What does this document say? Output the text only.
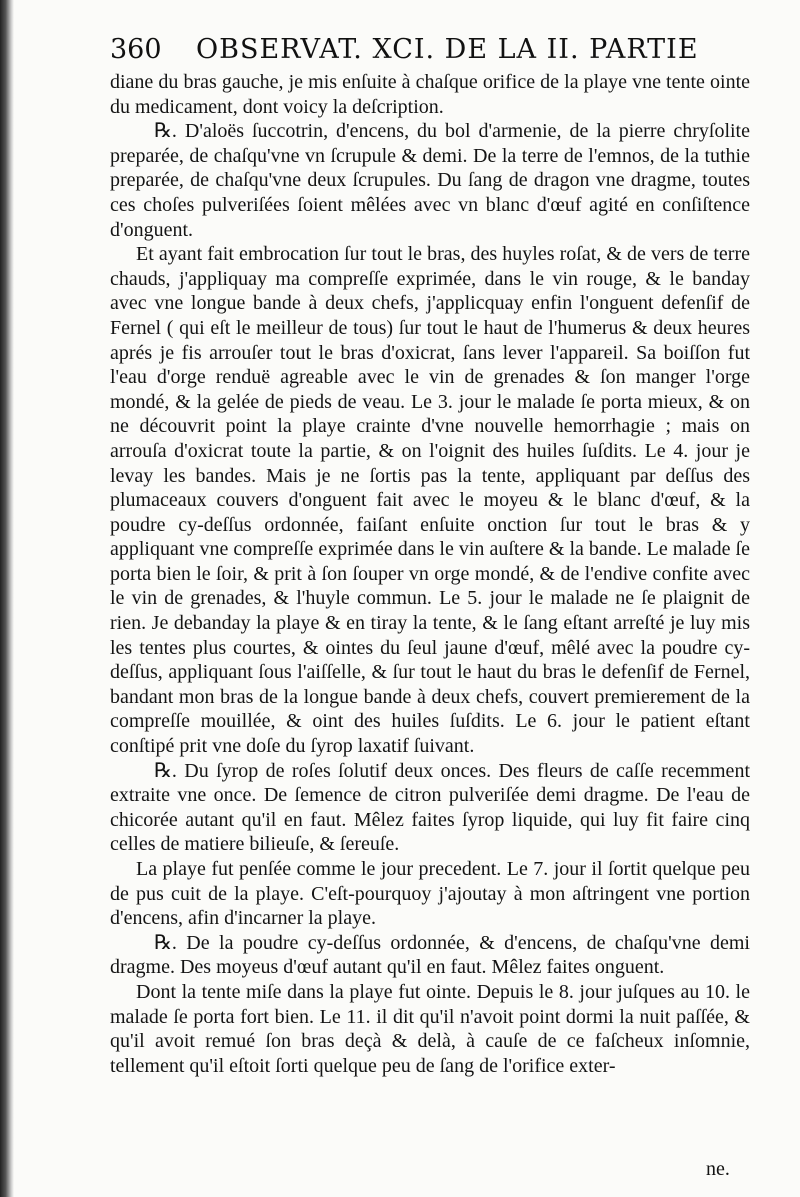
360 OBSERVAT. XCI. DE LA II. PARTIE

diane du bras gauche, je mis enſuite à chaſque orifice de la playe vne tente ointe du medicament, dont voicy la deſcription.

℞. D'aloës ſuccotrin, d'encens, du bol d'armenie, de la pierre chryſolite preparée, de chaſqu'vne vn ſcrupule & demi. De la terre de l'emnos, de la tuthie preparée, de chaſqu'vne deux ſcrupules. Du ſang de dragon vne dragme, toutes ces choſes pulveriſées ſoient mêlées avec vn blanc d'œuf agité en conſiſtence d'onguent.

Et ayant fait embrocation ſur tout le bras, des huyles roſat, & de vers de terre chauds, j'appliquay ma compreſſe exprimée, dans le vin rouge, & le banday avec vne longue bande à deux chefs, j'applicquay enfin l'onguent defenſif de Fernel ( qui eſt le meilleur de tous) ſur tout le haut de l'humerus & deux heures aprés je fis arrouſer tout le bras d'oxicrat, ſans lever l'appareil. Sa boiſſon fut l'eau d'orge renduë agreable avec le vin de grenades & ſon manger l'orge mondé, & la gelée de pieds de veau. Le 3. jour le malade ſe porta mieux, & on ne découvrit point la playe crainte d'vne nouvelle hemorrhagie ; mais on arrouſa d'oxicrat toute la partie, & on l'oignit des huiles ſuſdits. Le 4. jour je levay les bandes. Mais je ne ſortis pas la tente, appliquant par deſſus des plumaceaux couvers d'onguent fait avec le moyeu & le blanc d'œuf, & la poudre cy-deſſus ordonnée, faiſant enſuite onction ſur tout le bras & y appliquant vne compreſſe exprimée dans le vin auſtere & la bande. Le malade ſe porta bien le ſoir, & prit à ſon ſouper vn orge mondé, & de l'endive confite avec le vin de grenades, & l'huyle commun. Le 5. jour le malade ne ſe plaignit de rien. Je debanday la playe & en tiray la tente, & le ſang eſtant arreſté je luy mis les tentes plus courtes, & ointes du ſeul jaune d'œuf, mêlé avec la poudre cy-deſſus, appliquant ſous l'aiſſelle, & ſur tout le haut du bras le defenſif de Fernel, bandant mon bras de la longue bande à deux chefs, couvert premierement de la compreſſe mouillée, & oint des huiles ſuſdits. Le 6. jour le patient eſtant conſtipé prit vne doſe du ſyrop laxatif ſuivant.

℞. Du ſyrop de roſes ſolutif deux onces. Des fleurs de caſſe recemment extraite vne once. De ſemence de citron pulveriſée demi dragme. De l'eau de chicorée autant qu'il en faut. Mêlez faites ſyrop liquide, qui luy fit faire cinq celles de matiere bilieuſe, & ſereuſe.

La playe fut penſée comme le jour precedent. Le 7. jour il ſortit quelque peu de pus cuit de la playe. C'eſt-pourquoy j'ajoutay à mon aſtringent vne portion d'encens, afin d'incarner la playe.

℞. De la poudre cy-deſſus ordonnée, & d'encens, de chaſqu'vne demi dragme. Des moyeus d'œuf autant qu'il en faut. Mêlez faites onguent.

Dont la tente miſe dans la playe fut ointe. Depuis le 8. jour juſques au 10. le malade ſe porta fort bien. Le 11. il dit qu'il n'avoit point dormi la nuit paſſée, & qu'il avoit remué ſon bras deçà & delà, à cauſe de ce faſcheux inſomnie, tellement qu'il eſtoit ſorti quelque peu de ſang de l'orifice exter-

ne.
